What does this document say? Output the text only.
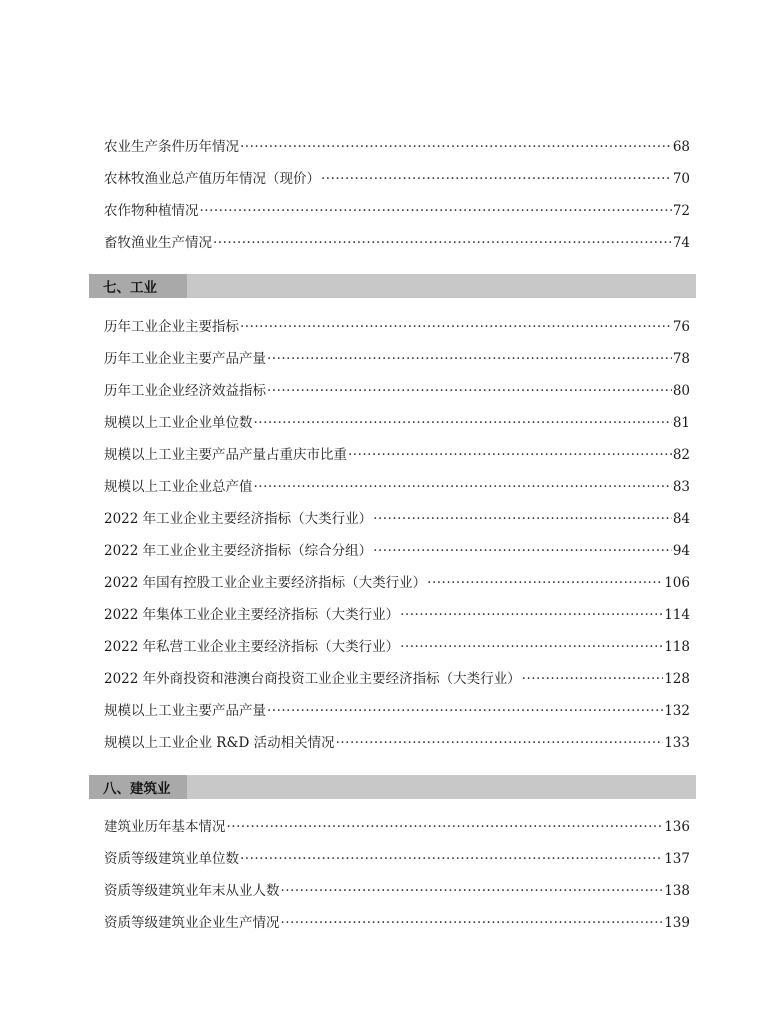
农业生产条件历年情况 ·····	68
农林牧渔业总产值历年情况（现价） ·····	70
农作物种植情况 ·····	72
畜牧渔业生产情况 ·····	74
七、工业
历年工业企业主要指标 ·····	76
历年工业企业主要产品产量 ·····	78
历年工业企业经济效益指标 ·····	80
规模以上工业企业单位数 ·····	81
规模以上工业主要产品产量占重庆市比重 ·····	82
规模以上工业企业总产值 ·····	83
2022 年工业企业主要经济指标（大类行业） ·····	84
2022 年工业企业主要经济指标（综合分组） ·····	94
2022 年国有控股工业企业主要经济指标（大类行业） ·····	106
2022 年集体工业企业主要经济指标（大类行业） ·····	114
2022 年私营工业企业主要经济指标（大类行业） ·····	118
2022 年外商投资和港澳台商投资工业企业主要经济指标（大类行业） ·····	128
规模以上工业主要产品产量 ·····	132
规模以上工业企业 R&D 活动相关情况 ·····	133
八、建筑业
建筑业历年基本情况 ·····	136
资质等级建筑业单位数 ·····	137
资质等级建筑业年末从业人数 ·····	138
资质等级建筑业企业生产情况 ·····	139
